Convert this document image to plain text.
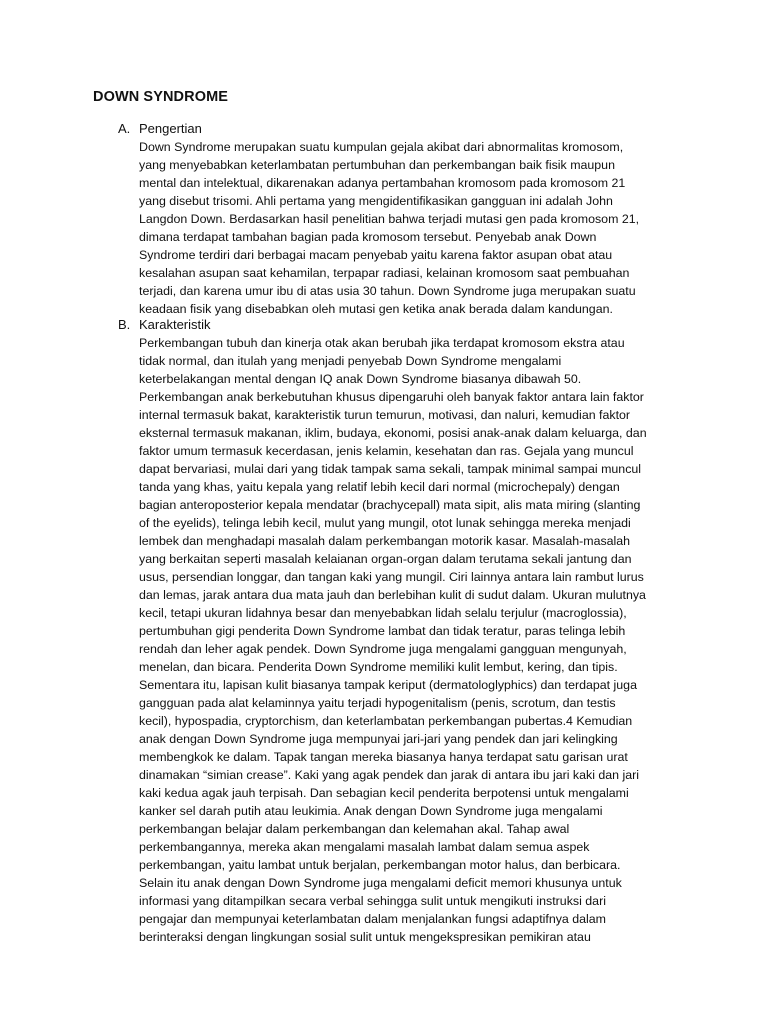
DOWN SYNDROME
A. Pengertian
Down Syndrome merupakan suatu kumpulan gejala akibat dari abnormalitas kromosom,
yang menyebabkan keterlambatan pertumbuhan dan perkembangan baik fisik maupun
mental dan intelektual, dikarenakan adanya pertambahan kromosom pada kromosom 21
yang disebut trisomi. Ahli pertama yang mengidentifikasikan gangguan ini adalah John
Langdon Down. Berdasarkan hasil penelitian bahwa terjadi mutasi gen pada kromosom 21,
dimana terdapat tambahan bagian pada kromosom tersebut. Penyebab anak Down
Syndrome terdiri dari berbagai macam penyebab yaitu karena faktor asupan obat atau
kesalahan asupan saat kehamilan, terpapar radiasi, kelainan kromosom saat pembuahan
terjadi, dan karena umur ibu di atas usia 30 tahun. Down Syndrome juga merupakan suatu
keadaan fisik yang disebabkan oleh mutasi gen ketika anak berada dalam kandungan.
B. Karakteristik
Perkembangan tubuh dan kinerja otak akan berubah jika terdapat kromosom ekstra atau
tidak normal, dan itulah yang menjadi penyebab Down Syndrome mengalami
keterbelakangan mental dengan IQ anak Down Syndrome biasanya dibawah 50.
Perkembangan anak berkebutuhan khusus dipengaruhi oleh banyak faktor antara lain faktor
internal termasuk bakat, karakteristik turun temurun, motivasi, dan naluri, kemudian faktor
eksternal termasuk makanan, iklim, budaya, ekonomi, posisi anak-anak dalam keluarga, dan
faktor umum termasuk kecerdasan, jenis kelamin, kesehatan dan ras. Gejala yang muncul
dapat bervariasi, mulai dari yang tidak tampak sama sekali, tampak minimal sampai muncul
tanda yang khas, yaitu kepala yang relatif lebih kecil dari normal (microchepaly) dengan
bagian anteroposterior kepala mendatar (brachycepall) mata sipit, alis mata miring (slanting
of the eyelids), telinga lebih kecil, mulut yang mungil, otot lunak sehingga mereka menjadi
lembek dan menghadapi masalah dalam perkembangan motorik kasar. Masalah-masalah
yang berkaitan seperti masalah kelaianan organ-organ dalam terutama sekali jantung dan
usus, persendian longgar, dan tangan kaki yang mungil. Ciri lainnya antara lain rambut lurus
dan lemas, jarak antara dua mata jauh dan berlebihan kulit di sudut dalam. Ukuran mulutnya
kecil, tetapi ukuran lidahnya besar dan menyebabkan lidah selalu terjulur (macroglossia),
pertumbuhan gigi penderita Down Syndrome lambat dan tidak teratur, paras telinga lebih
rendah dan leher agak pendek. Down Syndrome juga mengalami gangguan mengunyah,
menelan, dan bicara. Penderita Down Syndrome memiliki kulit lembut, kering, dan tipis.
Sementara itu, lapisan kulit biasanya tampak keriput (dermatologlyphics) dan terdapat juga
gangguan pada alat kelaminnya yaitu terjadi hypogenitalism (penis, scrotum, dan testis
kecil), hypospadia, cryptorchism, dan keterlambatan perkembangan pubertas.4 Kemudian
anak dengan Down Syndrome juga mempunyai jari-jari yang pendek dan jari kelingking
membengkok ke dalam. Tapak tangan mereka biasanya hanya terdapat satu garisan urat
dinamakan “simian crease”. Kaki yang agak pendek dan jarak di antara ibu jari kaki dan jari
kaki kedua agak jauh terpisah. Dan sebagian kecil penderita berpotensi untuk mengalami
kanker sel darah putih atau leukimia. Anak dengan Down Syndrome juga mengalami
perkembangan belajar dalam perkembangan dan kelemahan akal. Tahap awal
perkembangannya, mereka akan mengalami masalah lambat dalam semua aspek
perkembangan, yaitu lambat untuk berjalan, perkembangan motor halus, dan berbicara.
Selain itu anak dengan Down Syndrome juga mengalami deficit memori khusunya untuk
informasi yang ditampilkan secara verbal sehingga sulit untuk mengikuti instruksi dari
pengajar dan mempunyai keterlambatan dalam menjalankan fungsi adaptifnya dalam
berinteraksi dengan lingkungan sosial sulit untuk mengekspresikan pemikiran atau
